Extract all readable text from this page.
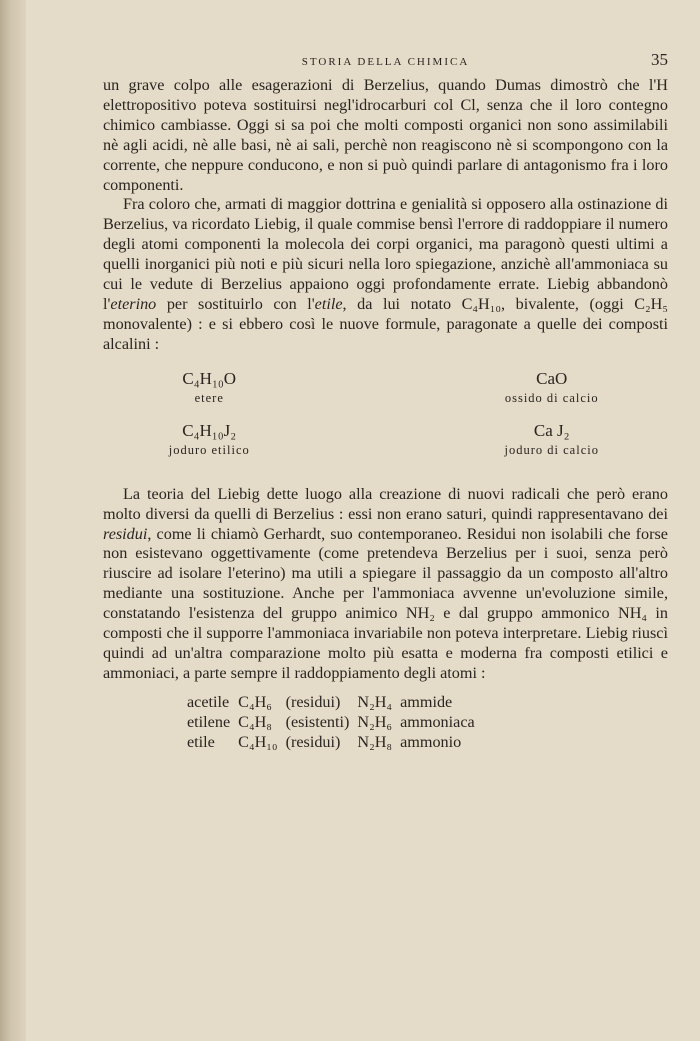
STORIA DELLA CHIMICA	35

un grave colpo alle esagerazioni di Berzelius, quando Dumas dimostrò che l'H elettropositivo poteva sostituirsi negl'idrocarburi col Cl, senza che il loro contegno chimico cambiasse. Oggi si sa poi che molti composti organici non sono assimilabili nè agli acidi, nè alle basi, nè ai sali, perchè non reagiscono nè si scompongono con la corrente, che neppure conducono, e non si può quindi parlare di antagonismo fra i loro componenti.

Fra coloro che, armati di maggior dottrina e genialità si opposero alla ostinazione di Berzelius, va ricordato Liebig, il quale commise bensì l'errore di raddoppiare il numero degli atomi componenti la molecola dei corpi organici, ma paragonò questi ultimi a quelli inorganici più noti e più sicuri nella loro spiegazione, anzichè all'ammoniaca su cui le vedute di Berzelius appaiono oggi profondamente errate. Liebig abbandonò l'eterino per sostituirlo con l'etile, da lui notato C₄H₁₀, bivalente, (oggi C₂H₅ monovalente) : e si ebbero così le nuove formule, paragonate a quelle dei composti alcalini :

C₄H₁₀O
etere
CaO
ossido di calcio
C₄H₁₀J₂
joduro etilico
Ca J₂
joduro di calcio

La teoria del Liebig dette luogo alla creazione di nuovi radicali che però erano molto diversi da quelli di Berzelius : essi non erano saturi, quindi rappresentavano dei residui, come li chiamò Gerhardt, suo contemporaneo. Residui non isolabili che forse non esistevano oggettivamente (come pretendeva Berzelius per i suoi, senza però riuscire ad isolare l'eterino) ma utili a spiegare il passaggio da un composto all'altro mediante una sostituzione. Anche per l'ammoniaca avvenne un'evoluzione simile, constatando l'esistenza del gruppo animico NH₂ e dal gruppo ammonico NH₄ in composti che il supporre l'ammoniaca invariabile non poteva interpretare. Liebig riuscì quindi ad un'altra comparazione molto più esatta e moderna fra composti etilici e ammoniaci, a parte sempre il raddoppiamento degli atomi :

acetile	C₄H₆	(residui)	N₂H₄	ammide
etilene	C₄H₈	(esistenti)	N₂H₆	ammoniaca
etile	C₄H₁₀	(residui)	N₂H₈	ammonio
